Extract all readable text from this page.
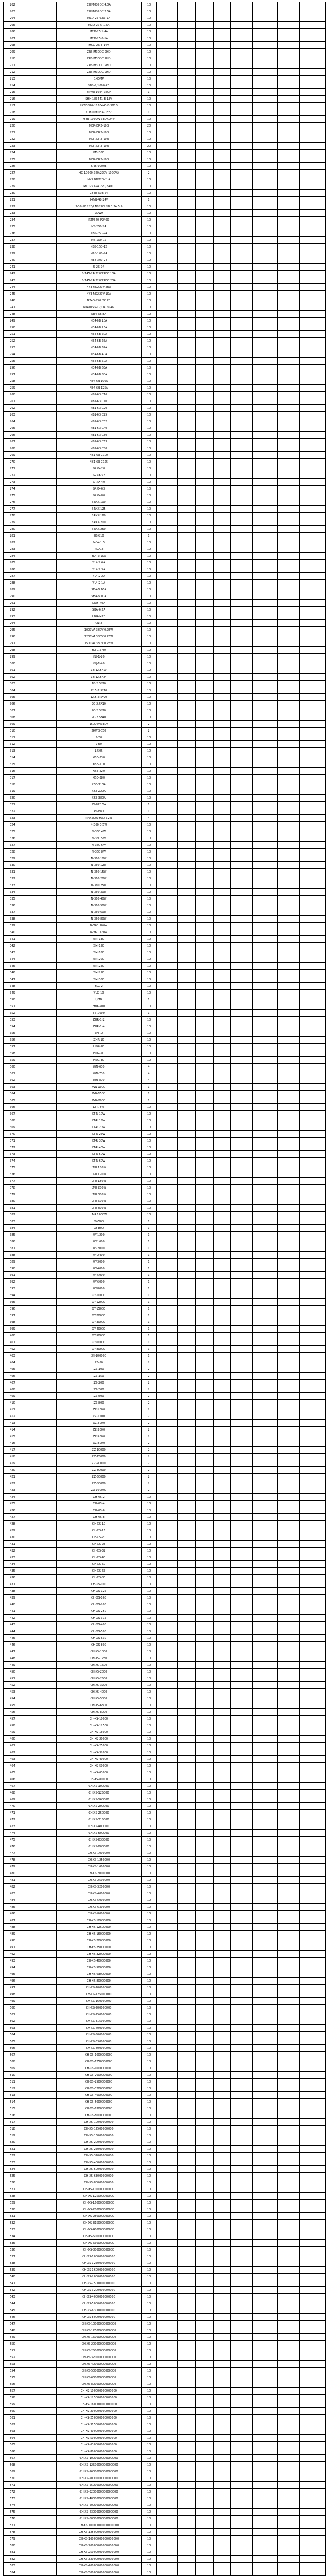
202	CHY-M80DC 4.0A	10
203	CHY-M80DC 2.5A	10
204	MCD-25 6.63-1A	10
205	MCD-25 5-1.6A	10
206	MCD-25 1-4A	10
207	MCD-25 0-1A	10
208	MCD-25 3-14A	10
209	ZRS-M30DC 2HD	10
210	ZRS-M30DC 2HD	10
211	ZRS-M30DC 2HD	10
212	ZRS-M30DC 2HD	10
213	1KDMP	10
214	YBB-2/1000-R3	10
215	BPW3-1024-360P	1
216	SHH-183441-B-13V	10
217	HC13826-1830440-8-3810	10
218	NDE-06F0HA-DEEZ	1
219	MBB-1000W-380V/24V	10
220	MDR-DR2-10B	20
221	MDR-DR2-10B	10
222	MDR-DR2-10B	10
223	MDR-DR2-10B	20
224	MS-300	10
225	MDR-DR2-10B	10
226	SRB-9000E	10
227	HG-10000 360/220V 1000VA	2
228	NY3 ND220V 1A	10
229	MCD-30-24 220/24DC	10
230	CBTR-60B-24	10
231	24NB-48-24V	1
232	3-30-10 220/LNB220LNB 0.2A 5.5	10
233	2DW9	10
234	PZM-60-P2400	10
235	NS-250-24	10
236	NBS-250-24	10
237	MS-100-12	10
238	NBS-150-12	10
239	NBB-100-24	10
240	NBB-300-24	10
241	S-25-24	10
242	S-145-24 220/24DC 10A	10
243	S-145-24 220/24DC 20A	10
244	NY3 ND220V 25A	10
245	NY3 ND220V 10A	10
246	NT40-S30 DC 20	10
247	NT40TSS-12/DAD9-4V	10
248	NE4-6B 8A	10
249	NE4-6B 10A	10
250	NE4-6B 16A	10
251	NE4-6B 20A	10
252	NE4-6B 25A	10
253	NE4-6B 32A	10
254	NE4-6B 40A	10
255	NE4-6B 50A	10
256	NE4-6B 63A	10
257	NE4-6B 80A	10
258	NE4-6B 100A	10
259	NE4-6B 125A	10
260	NB1-63 C16	10
261	NB1-63 C10	10
262	NB1-63 C20	10
263	NB1-63 C25	10
264	NB1-63 C32	10
265	NB1-63 C40	10
266	NB1-63 C50	10
267	NB1-63 C63	10
268	NB1-63 C80	10
269	NB1-63 C100	10
270	NB1-63 C125	10
271	SRKX-20	10
272	SRKX-32	10
273	SRKX-40	10
274	SRKX-63	10
275	SRKX-80	10
276	SRKX-100	10
277	SRKX-125	10
278	SRKX-160	10
279	SRKX-200	10
280	SRKX-250	10
281	HBK-10	1
282	MCA-1.5	10
283	MCA-2	10
284	YL4-2 10A	10
285	YL4-2 6A	10
286	YL4-2 3A	10
287	YL4-2 2A	10
288	YL4-2 1A	10
289	SBA-6 16A	10
290	SBA-6 10A	10
291	LTAF-40A	10
292	SBA-6 2A	10
293	LNG-M20	10
294	CN-2	10
295	1000VA 380V 0.25W	10
296	1200VA 380V 0.25W	10
297	1500VA 380V 0.25W	10
298	YLJ-0.5-40	10
299	YLJ-1-20	10
300	YLJ-1-40	10
301	18-12.5*10	10
302	18-12.5*24	10
303	18-2.5*20	10
304	12.5-2.5*10	10
305	12.5-2.5*20	10
306	20-2.5*10	10
307	20-2.5*20	10
308	20-2.5*40	10
309	1500VA/380V	2
310	2KWB-050	2
311	Z-30	10
312	L-50	10
313	L-50S	10
314	XSE-330	10
315	XSE-110	10
316	XSE-220	10
317	XSE-380	10
318	XSE-110A	10
319	XSE-220A	10
320	XSE-380A	10
321	PS-820 5A	1
322	PS-880	1
323	MAX500VMAX 32W	4
324	N-360 3.5W	10
325	N-360 4W	10
326	N-360 5W	10
327	N-360 6W	10
328	N-360 8W	10
329	N-360 10W	10
330	N-360 12W	10
331	N-360 15W	10
332	N-360 20W	10
333	N-360 25W	10
334	N-360 30W	10
335	N-360 40W	10
336	N-360 50W	10
337	N-360 60W	10
338	N-360 80W	10
339	N-360 100W	10
340	N-360 120W	10
341	SM-130	10
342	SM-150	10
343	SM-180	10
344	SM-200	10
345	SM-220	10
346	SM-250	10
347	SM-300	10
348	YLG-2	10
349	YLG-10	10
350	LJ-TN	1
351	HNK-200	10
352	TS-1000	1
353	ZHR-1-2	10
354	ZHR-1-4	10
355	ZHR-2	10
356	ZHR-10	10
357	HSG-10	10
358	HSG-20	10
359	HSG-30	10
360	WN-600	4
361	WN-700	4
362	WN-800	4
363	WN-1000	1
364	WN-1500	1
365	WN-2000	1
366	LT-R 5W	10
367	LT-R 10W	10
368	LT-R 15W	10
369	LT-R 20W	10
370	LT-R 25W	10
371	LT-R 30W	10
372	LT-R 40W	10
373	LT-R 50W	10
374	LT-R 60W	10
375	LT-R 100W	10
376	LT-R 120W	10
377	LT-R 150W	10
378	LT-R 200W	10
379	LT-R 300W	10
380	LT-R 500W	10
381	LT-R 800W	10
382	LT-R 1000W	10
383	XY-500	1
384	XY-800	1
385	XY-1200	1
386	XY-1600	1
387	XY-2000	1
388	XY-2400	1
389	XY-3000	1
390	XY-4000	1
391	XY-5000	1
392	XY-6000	1
393	XY-8000	1
394	XY-10000	1
395	XY-12000	1
396	XY-15000	1
397	XY-20000	1
398	XY-30000	1
399	XY-40000	1
400	XY-50000	1
401	XY-60000	1
402	XY-80000	1
403	XY-100000	1
404	ZZ-50	2
405	ZZ-100	2
406	ZZ-150	2
407	ZZ-200	2
408	ZZ-300	2
409	ZZ-500	2
410	ZZ-800	2
411	ZZ-1000	2
412	ZZ-1500	2
413	ZZ-2000	2
414	ZZ-3000	2
415	ZZ-5000	2
416	ZZ-8000	2
417	ZZ-10000	2
418	ZZ-15000	2
419	ZZ-20000	2
420	ZZ-30000	2
421	ZZ-50000	2
422	ZZ-80000	2
423	ZZ-100000	2
424	CH-XS-2	10
425	CH-XS-4	10
426	CH-XS-6	10
427	CH-XS-8	10
428	CH-XS-10	10
429	CH-XS-16	10
430	CH-XS-20	10
431	CH-XS-25	10
432	CH-XS-32	10
433	CH-XS-40	10
434	CH-XS-50	10
435	CH-XS-63	10
436	CH-XS-80	10
437	CH-XS-100	10
438	CH-XS-125	10
439	CH-XS-160	10
440	CH-XS-200	10
441	CH-XS-250	10
442	CH-XS-315	10
443	CH-XS-400	10
444	CH-XS-500	10
445	CH-XS-630	10
446	CH-XS-800	10
447	CH-XS-1000	10
448	CH-XS-1250	10
449	CH-XS-1600	10
450	CH-XS-2000	10
451	CH-XS-2500	10
452	CH-XS-3200	10
453	CH-XS-4000	10
454	CH-XS-5000	10
455	CH-XS-6300	10
456	CH-XS-8000	10
457	CH-XS-10000	10
458	CH-XS-12500	10
459	CH-XS-16000	10
460	CH-XS-20000	10
461	CH-XS-25000	10
462	CH-XS-32000	10
463	CH-XS-40000	10
464	CH-XS-50000	10
465	CH-XS-63000	10
466	CH-XS-80000	10
467	CH-XS-100000	10
468	CH-XS-125000	10
469	CH-XS-160000	10
470	CH-XS-200000	10
471	CH-XS-250000	10
472	CH-XS-315000	10
473	CH-XS-400000	10
474	CH-XS-500000	10
475	CH-XS-630000	10
476	CH-XS-800000	10
477	CH-XS-1000000	10
478	CH-XS-1250000	10
479	CH-XS-1600000	10
480	CH-XS-2000000	10
481	CH-XS-2500000	10
482	CH-XS-3200000	10
483	CH-XS-4000000	10
484	CH-XS-5000000	10
485	CH-XS-6300000	10
486	CH-XS-8000000	10
487	CH-XS-10000000	10
488	CH-XS-12500000	10
489	CH-XS-16000000	10
490	CH-XS-20000000	10
491	CH-XS-25000000	10
492	CH-XS-32000000	10
493	CH-XS-40000000	10
494	CH-XS-50000000	10
495	CH-XS-63000000	10
496	CH-XS-80000000	10
497	CH-XS-100000000	10
498	CH-XS-125000000	10
499	CH-XS-160000000	10
500	CH-XS-200000000	10
501	CH-XS-250000000	10
502	CH-XS-315000000	10
503	CH-XS-400000000	10
504	CH-XS-500000000	10
505	CH-XS-630000000	10
506	CH-XS-800000000	10
507	CH-XS-1000000000	10
508	CH-XS-1250000000	10
509	CH-XS-1600000000	10
510	CH-XS-2000000000	10
511	CH-XS-2500000000	10
512	CH-XS-3200000000	10
513	CH-XS-4000000000	10
514	CH-XS-5000000000	10
515	CH-XS-6300000000	10
516	CH-XS-8000000000	10
517	CH-XS-10000000000	10
518	CH-XS-12500000000	10
519	CH-XS-16000000000	10
520	CH-XS-20000000000	10
521	CH-XS-25000000000	10
522	CH-XS-32000000000	10
523	CH-XS-40000000000	10
524	CH-XS-50000000000	10
525	CH-XS-63000000000	10
526	CH-XS-80000000000	10
527	CH-XS-100000000000	10
528	CH-XS-125000000000	10
529	CH-XS-160000000000	10
530	CH-XS-200000000000	10
531	CH-XS-250000000000	10
532	CH-XS-315000000000	10
533	CH-XS-400000000000	10
534	CH-XS-500000000000	10
535	CH-XS-630000000000	10
536	CH-XS-800000000000	10
537	CH-XS-1000000000000	10
538	CH-XS-1250000000000	10
539	CH-XS-1600000000000	10
540	CH-XS-2000000000000	10
541	CH-XS-2500000000000	10
542	CH-XS-3200000000000	10
543	CH-XS-4000000000000	10
544	CH-XS-5000000000000	10
545	CH-XS-6300000000000	10
546	CH-XS-8000000000000	10
547	CH-XS-10000000000000	10
548	CH-XS-12500000000000	10
549	CH-XS-16000000000000	10
550	CH-XS-20000000000000	10
551	CH-XS-25000000000000	10
552	CH-XS-32000000000000	10
553	CH-XS-40000000000000	10
554	CH-XS-50000000000000	10
555	CH-XS-63000000000000	10
556	CH-XS-80000000000000	10
557	CH-XS-100000000000000	10
558	CH-XS-125000000000000	10
559	CH-XS-160000000000000	10
560	CH-XS-200000000000000	10
561	CH-XS-250000000000000	10
562	CH-XS-315000000000000	10
563	CH-XS-400000000000000	10
564	CH-XS-500000000000000	10
565	CH-XS-630000000000000	10
566	CH-XS-800000000000000	10
567	CH-XS-1000000000000000	10
568	CH-XS-1250000000000000	10
569	CH-XS-1600000000000000	10
570	CH-XS-2000000000000000	10
571	CH-XS-2500000000000000	10
572	CH-XS-3200000000000000	10
573	CH-XS-4000000000000000	10
574	CH-XS-5000000000000000	10
575	CH-XS-6300000000000000	10
576	CH-XS-8000000000000000	10
577	CH-XS-10000000000000000	10
578	CH-XS-12500000000000000	10
579	CH-XS-16000000000000000	10
580	CH-XS-20000000000000000	10
581	CH-XS-25000000000000000	10
582	CH-XS-32000000000000000	10
583	CH-XS-40000000000000000	10
584	CH-XS-50000000000000000	10
